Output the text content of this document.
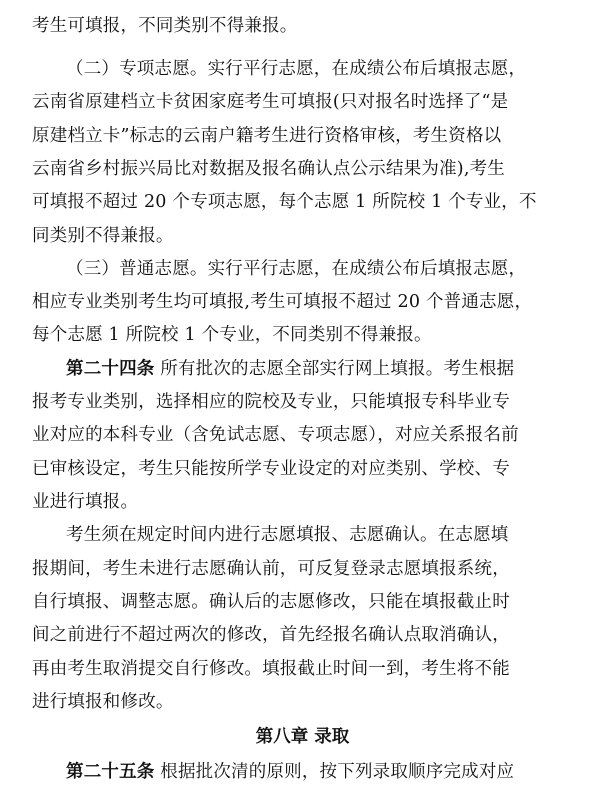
考生可填报，不同类别不得兼报。
（二）专项志愿。实行平行志愿，在成绩公布后填报志愿，
云南省原建档立卡贫困家庭考生可填报(只对报名时选择了“是
原建档立卡”标志的云南户籍考生进行资格审核，考生资格以
云南省乡村振兴局比对数据及报名确认点公示结果为准),考生
可填报不超过 20 个专项志愿，每个志愿 1 所院校 1 个专业，不
同类别不得兼报。
（三）普通志愿。实行平行志愿，在成绩公布后填报志愿，
相应专业类别考生均可填报,考生可填报不超过 20 个普通志愿，
每个志愿 1 所院校 1 个专业，不同类别不得兼报。
第二十四条 所有批次的志愿全部实行网上填报。考生根据
报考专业类别，选择相应的院校及专业，只能填报专科毕业专
业对应的本科专业（含免试志愿、专项志愿），对应关系报名前
已审核设定，考生只能按所学专业设定的对应类别、学校、专
业进行填报。
考生须在规定时间内进行志愿填报、志愿确认。在志愿填
报期间，考生未进行志愿确认前，可反复登录志愿填报系统，
自行填报、调整志愿。确认后的志愿修改，只能在填报截止时
间之前进行不超过两次的修改，首先经报名确认点取消确认，
再由考生取消提交自行修改。填报截止时间一到，考生将不能
进行填报和修改。
第八章 录取
第二十五条 根据批次清的原则，按下列录取顺序完成对应
